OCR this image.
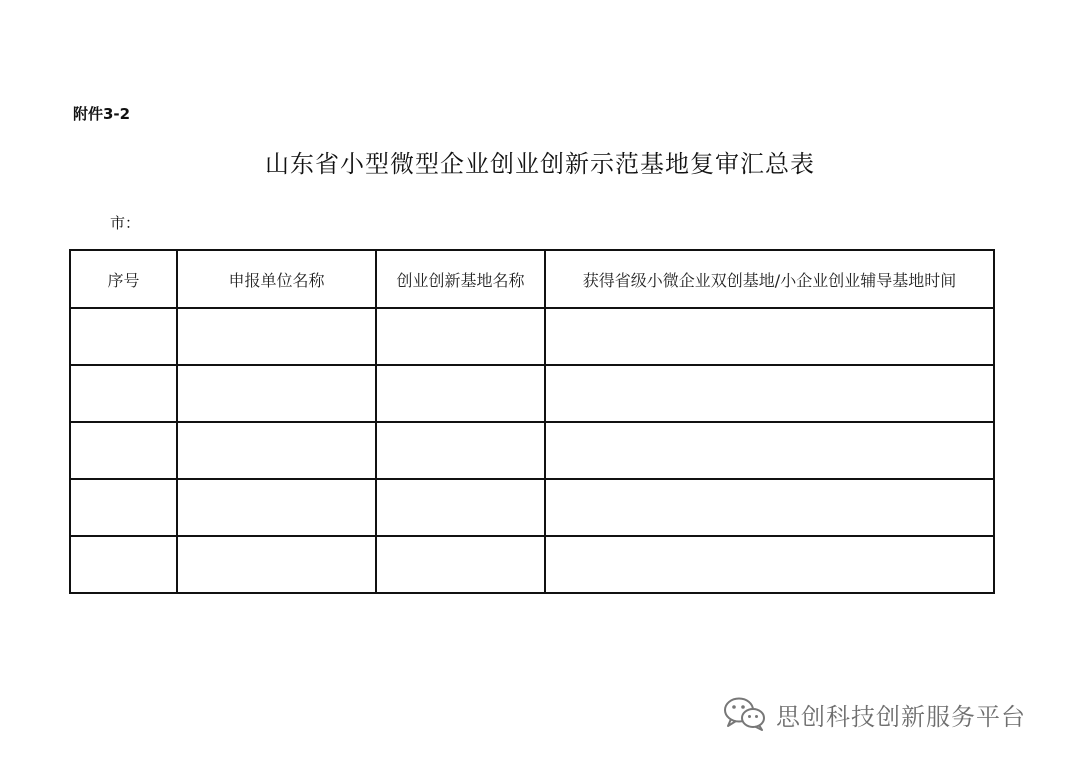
附件3-2
山东省小型微型企业创业创新示范基地复审汇总表
市：
序号	申报单位名称	创业创新基地名称	获得省级小微企业双创基地/小企业创业辅导基地时间

思创科技创新服务平台
